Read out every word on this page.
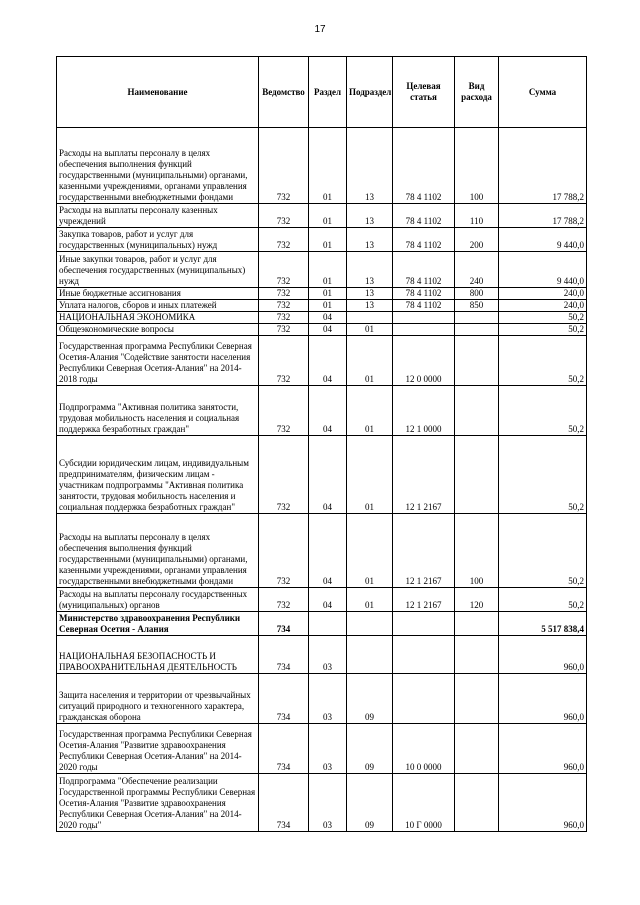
17
Наименование	Ведомство	Раздел	Подраздел	Целевая статья	Вид расхода	Сумма
Расходы на выплаты персоналу в целях обеспечения выполнения функций государственными (муниципальными) органами, казенными учреждениями, органами управления государственными внебюджетными фондами	732	01	13	78 4 1102	100	17 788,2
Расходы на выплаты персоналу казенных учреждений	732	01	13	78 4 1102	110	17 788,2
Закупка товаров, работ и услуг для государственных (муниципальных) нужд	732	01	13	78 4 1102	200	9 440,0
Иные закупки товаров, работ и услуг для обеспечения государственных (муниципальных) нужд	732	01	13	78 4 1102	240	9 440,0
Иные бюджетные ассигнования	732	01	13	78 4 1102	800	240,0
Уплата налогов, сборов и иных платежей	732	01	13	78 4 1102	850	240,0
НАЦИОНАЛЬНАЯ ЭКОНОМИКА	732	04				50,2
Общеэкономические вопросы	732	04	01			50,2
Государственная программа Республики Северная Осетия-Алания "Содействие занятости населения Республики Северная Осетия-Алания" на 2014-2018 годы	732	04	01	12 0 0000		50,2
Подпрограмма "Активная политика занятости, трудовая мобильность населения и социальная поддержка безработных граждан"	732	04	01	12 1 0000		50,2
Субсидии юридическим лицам, индивидуальным предпринимателям, физическим лицам - участникам подпрограммы "Активная политика занятости, трудовая мобильность населения и социальная поддержка безработных граждан"	732	04	01	12 1 2167		50,2
Расходы на выплаты персоналу в целях обеспечения выполнения функций государственными (муниципальными) органами, казенными учреждениями, органами управления государственными внебюджетными фондами	732	04	01	12 1 2167	100	50,2
Расходы на выплаты персоналу государственных (муниципальных) органов	732	04	01	12 1 2167	120	50,2
Министерство здравоохранения Республики Северная Осетия - Алания	734					5 517 838,4
НАЦИОНАЛЬНАЯ БЕЗОПАСНОСТЬ И ПРАВООХРАНИТЕЛЬНАЯ ДЕЯТЕЛЬНОСТЬ	734	03				960,0
Защита населения и территории от чрезвычайных ситуаций природного и техногенного характера, гражданская оборона	734	03	09			960,0
Государственная программа Республики Северная Осетия-Алания "Развитие здравоохранения Республики Северная Осетия-Алания" на 2014-2020 годы	734	03	09	10 0 0000		960,0
Подпрограмма "Обеспечение реализации Государственной программы Республики Северная Осетия-Алания "Развитие здравоохранения Республики Северная Осетия-Алания" на 2014-2020 годы"	734	03	09	10 Г 0000		960,0
